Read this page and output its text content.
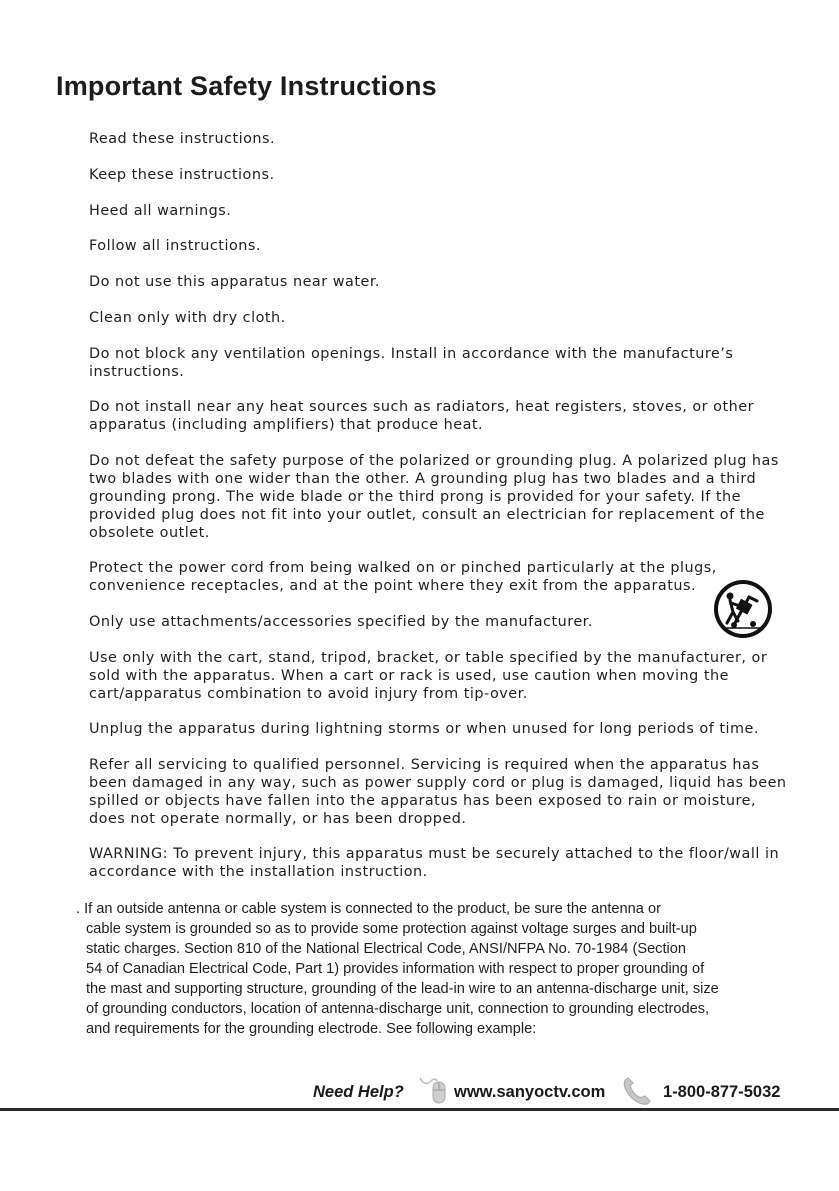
Important Safety Instructions

Read these instructions.

Keep these instructions.

Heed all warnings.

Follow all instructions.

Do not use this apparatus near water.

Clean only with dry cloth.

Do not block any ventilation openings. Install in accordance with the manufacture’s
instructions.

Do not install near any heat sources such as radiators, heat registers, stoves, or other
apparatus (including amplifiers) that produce heat.

Do not defeat the safety purpose of the polarized or grounding plug. A polarized plug has
two blades with one wider than the other. A grounding plug has two blades and a third
grounding prong. The wide blade or the third prong is provided for your safety. If the
provided plug does not fit into your outlet, consult an electrician for replacement of the
obsolete outlet.

Protect the power cord from being walked on or pinched particularly at the plugs,
convenience receptacles, and at the point where they exit from the apparatus.

Only use attachments/accessories specified by the manufacturer.

Use only with the cart, stand, tripod, bracket, or table specified by the manufacturer, or
sold with the apparatus. When a cart or rack is used, use caution when moving the
cart/apparatus combination to avoid injury from tip-over.

Unplug the apparatus during lightning storms or when unused for long periods of time.

Refer all servicing to qualified personnel. Servicing is required when the apparatus has
been damaged in any way, such as power supply cord or plug is damaged, liquid has been
spilled or objects have fallen into the apparatus has been exposed to rain or moisture,
does not operate normally, or has been dropped.

WARNING: To prevent injury, this apparatus must be securely attached to the floor/wall in
accordance with the installation instruction.

. If an outside antenna or cable system is connected to the product, be sure the antenna or
cable system is grounded so as to provide some protection against voltage surges and built-up
static charges. Section 810 of the National Electrical Code, ANSI/NFPA No. 70-1984 (Section
54 of Canadian Electrical Code, Part 1) provides information with respect to proper grounding of
the mast and supporting structure, grounding of the lead-in wire to an antenna-discharge unit, size
of grounding conductors, location of antenna-discharge unit, connection to grounding electrodes,
and requirements for the grounding electrode. See following example:
Need Help?	www.sanyoctv.com	1-800-877-5032
